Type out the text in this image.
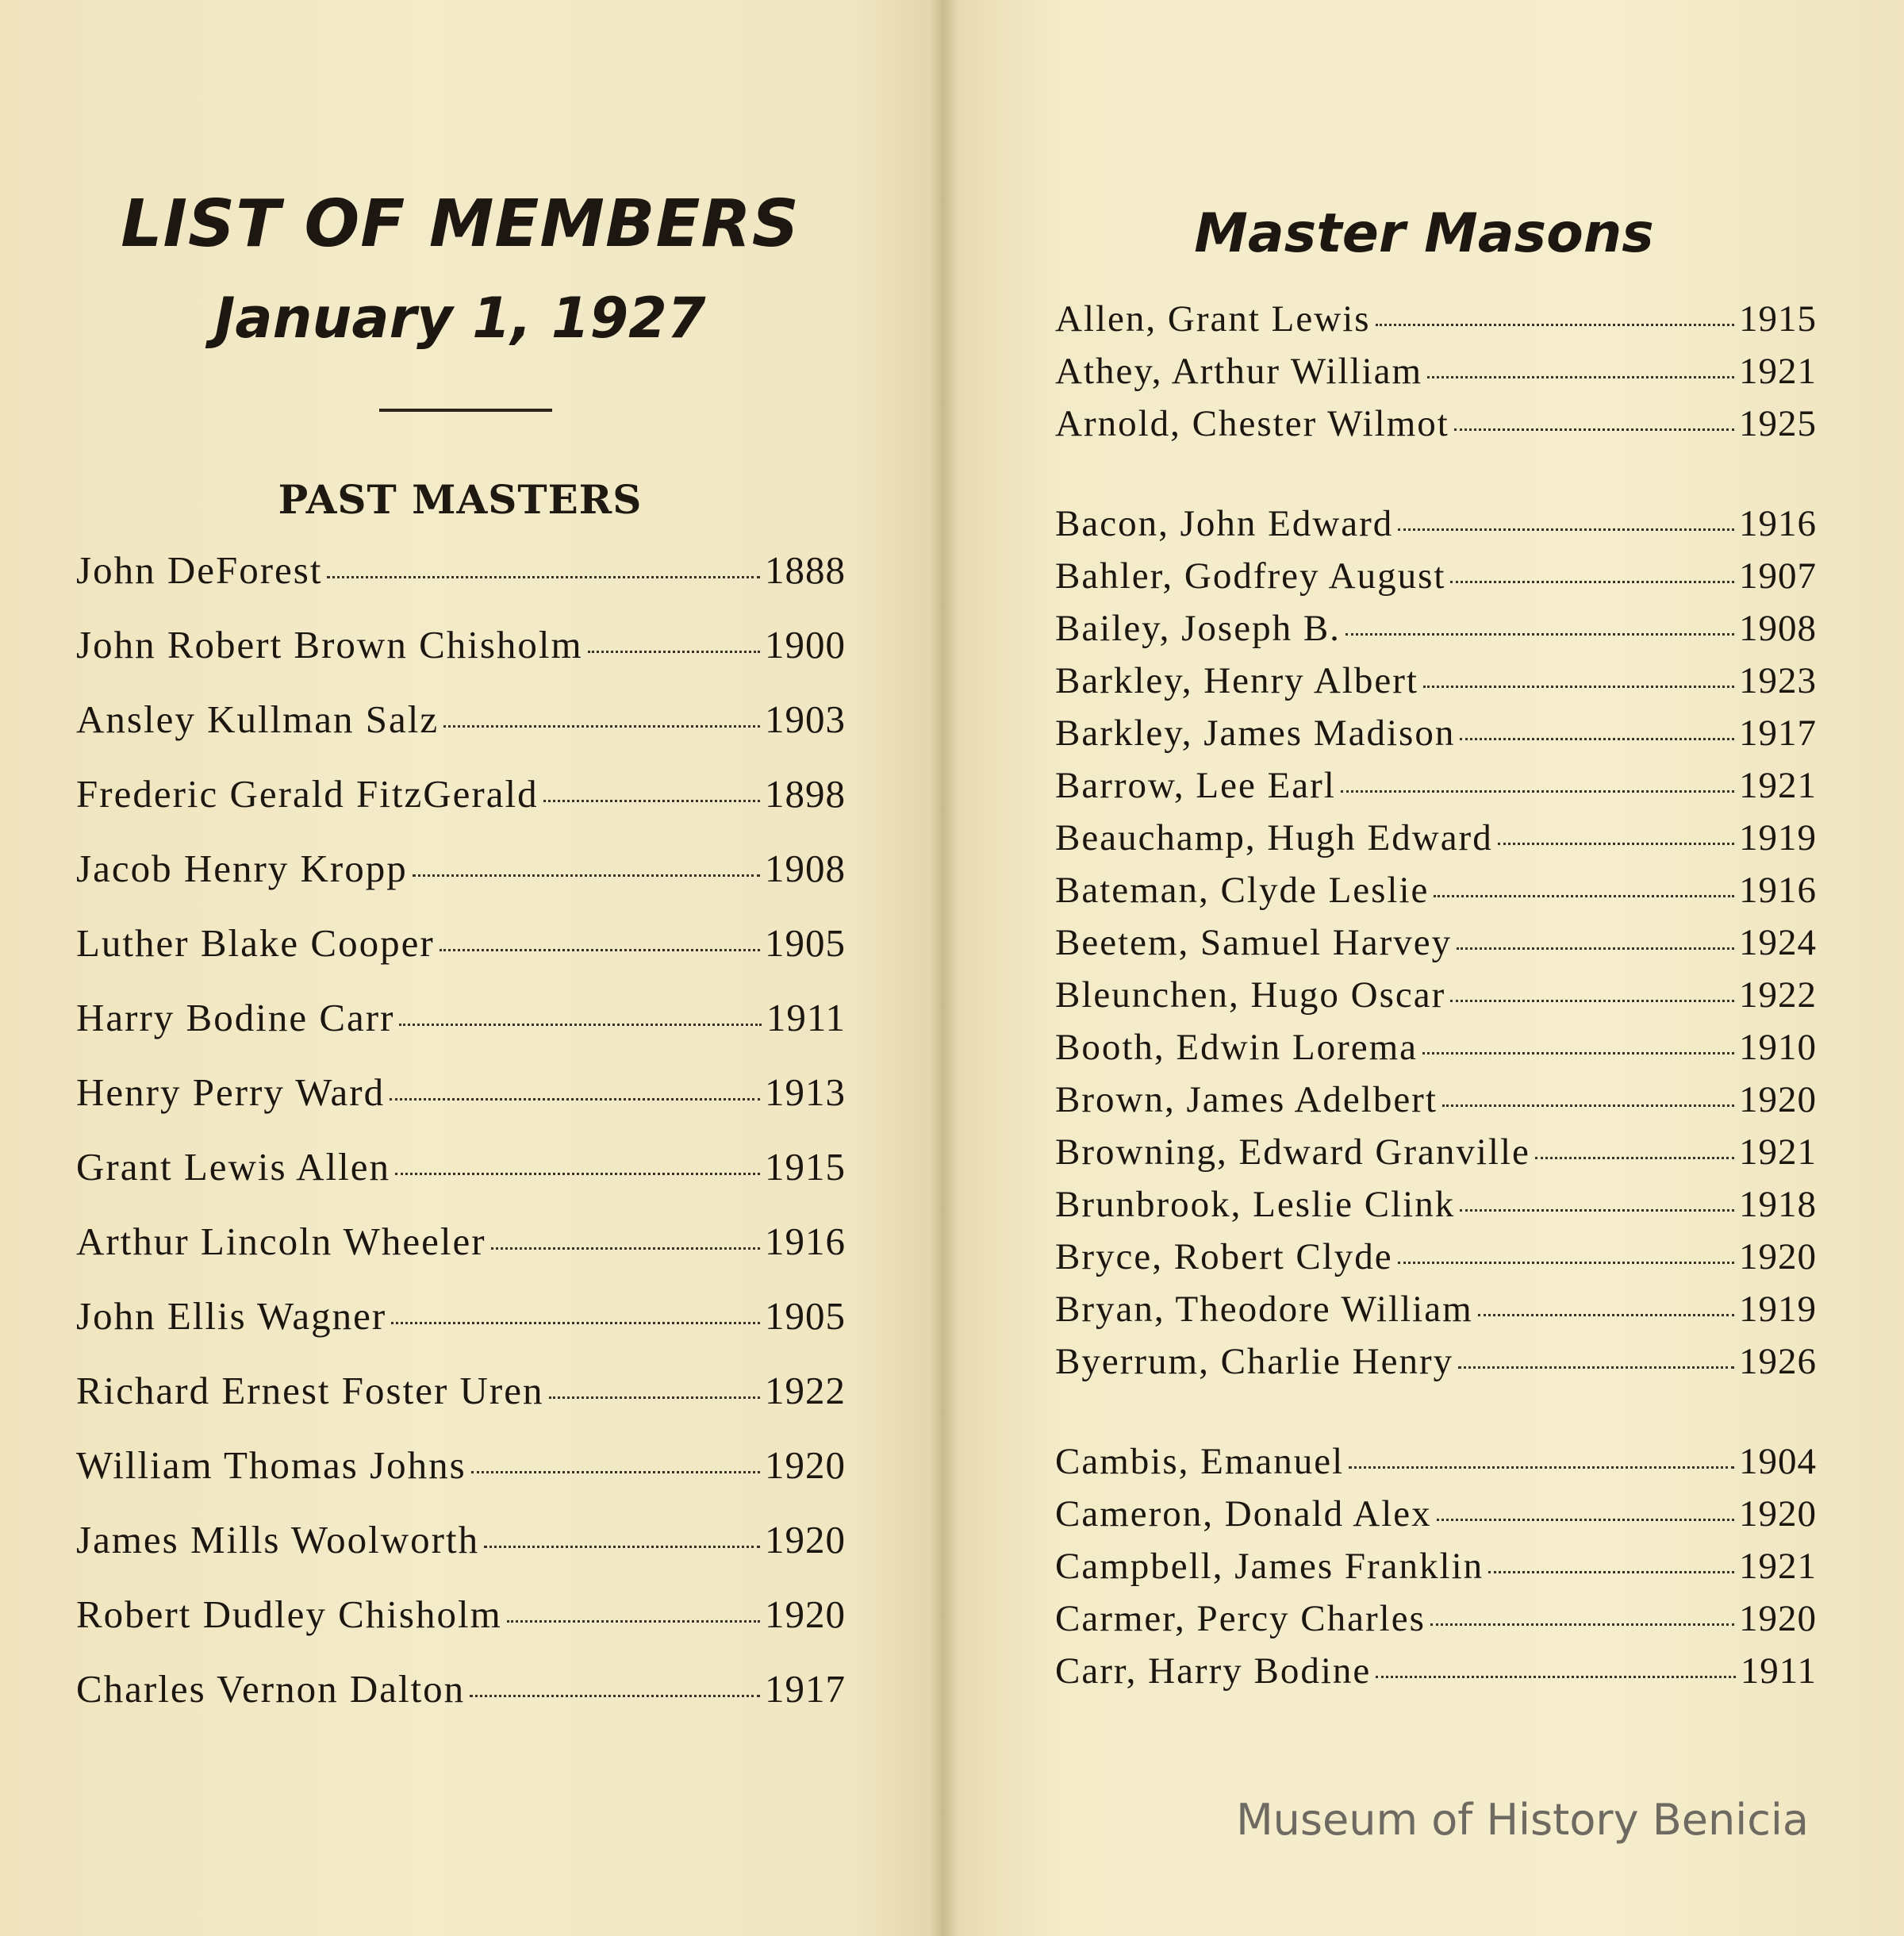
LIST OF MEMBERS
January 1, 1927
PAST MASTERS
John DeForest	1888
John Robert Brown Chisholm	1900
Ansley Kullman Salz	1903
Frederic Gerald FitzGerald	1898
Jacob Henry Kropp	1908
Luther Blake Cooper	1905
Harry Bodine Carr	1911
Henry Perry Ward	1913
Grant Lewis Allen	1915
Arthur Lincoln Wheeler	1916
John Ellis Wagner	1905
Richard Ernest Foster Uren	1922
William Thomas Johns	1920
James Mills Woolworth	1920
Robert Dudley Chisholm	1920
Charles Vernon Dalton	1917
Master Masons
Allen, Grant Lewis	1915
Athey, Arthur William	1921
Arnold, Chester Wilmot	1925
Bacon, John Edward	1916
Bahler, Godfrey August	1907
Bailey, Joseph B.	1908
Barkley, Henry Albert	1923
Barkley, James Madison	1917
Barrow, Lee Earl	1921
Beauchamp, Hugh Edward	1919
Bateman, Clyde Leslie	1916
Beetem, Samuel Harvey	1924
Bleunchen, Hugo Oscar	1922
Booth, Edwin Lorema	1910
Brown, James Adelbert	1920
Browning, Edward Granville	1921
Brunbrook, Leslie Clink	1918
Bryce, Robert Clyde	1920
Bryan, Theodore William	1919
Byerrum, Charlie Henry	1926
Cambis, Emanuel	1904
Cameron, Donald Alex	1920
Campbell, James Franklin	1921
Carmer, Percy Charles	1920
Carr, Harry Bodine	1911
Museum of History Benicia
